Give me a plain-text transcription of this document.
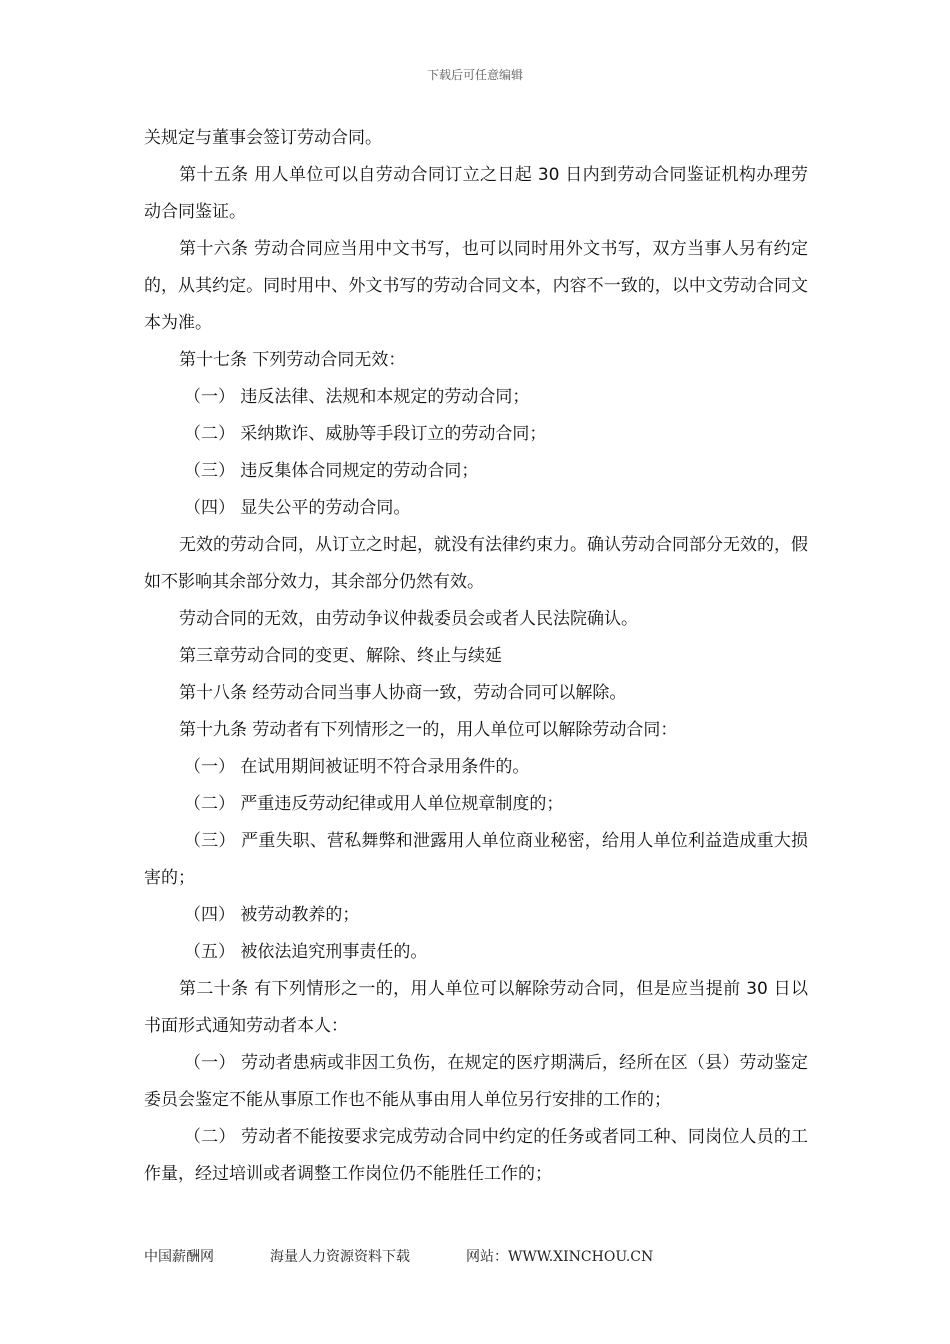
下载后可任意编辑

关规定与董事会签订劳动合同。

第十五条 用人单位可以自劳动合同订立之日起 30 日内到劳动合同鉴证机构办理劳动合同鉴证。

第十六条 劳动合同应当用中文书写，也可以同时用外文书写，双方当事人另有约定的，从其约定。同时用中、外文书写的劳动合同文本，内容不一致的，以中文劳动合同文本为准。

第十七条 下列劳动合同无效：

（一） 违反法律、法规和本规定的劳动合同；

（二） 采纳欺诈、威胁等手段订立的劳动合同；

（三） 违反集体合同规定的劳动合同；

（四） 显失公平的劳动合同。

无效的劳动合同，从订立之时起，就没有法律约束力。确认劳动合同部分无效的，假如不影响其余部分效力，其余部分仍然有效。

劳动合同的无效，由劳动争议仲裁委员会或者人民法院确认。

第三章劳动合同的变更、解除、终止与续延

第十八条 经劳动合同当事人协商一致，劳动合同可以解除。

第十九条 劳动者有下列情形之一的，用人单位可以解除劳动合同：

（一） 在试用期间被证明不符合录用条件的。

（二） 严重违反劳动纪律或用人单位规章制度的；

（三） 严重失职、营私舞弊和泄露用人单位商业秘密，给用人单位利益造成重大损害的；

（四） 被劳动教养的；

（五） 被依法追究刑事责任的。

第二十条 有下列情形之一的，用人单位可以解除劳动合同，但是应当提前 30 日以书面形式通知劳动者本人：

（一） 劳动者患病或非因工负伤，在规定的医疗期满后，经所在区（县）劳动鉴定委员会鉴定不能从事原工作也不能从事由用人单位另行安排的工作的；

（二） 劳动者不能按要求完成劳动合同中约定的任务或者同工种、同岗位人员的工作量，经过培训或者调整工作岗位仍不能胜任工作的；

中国薪酬网	海量人力资源资料下载	网站：WWW.XINCHOU.CN
